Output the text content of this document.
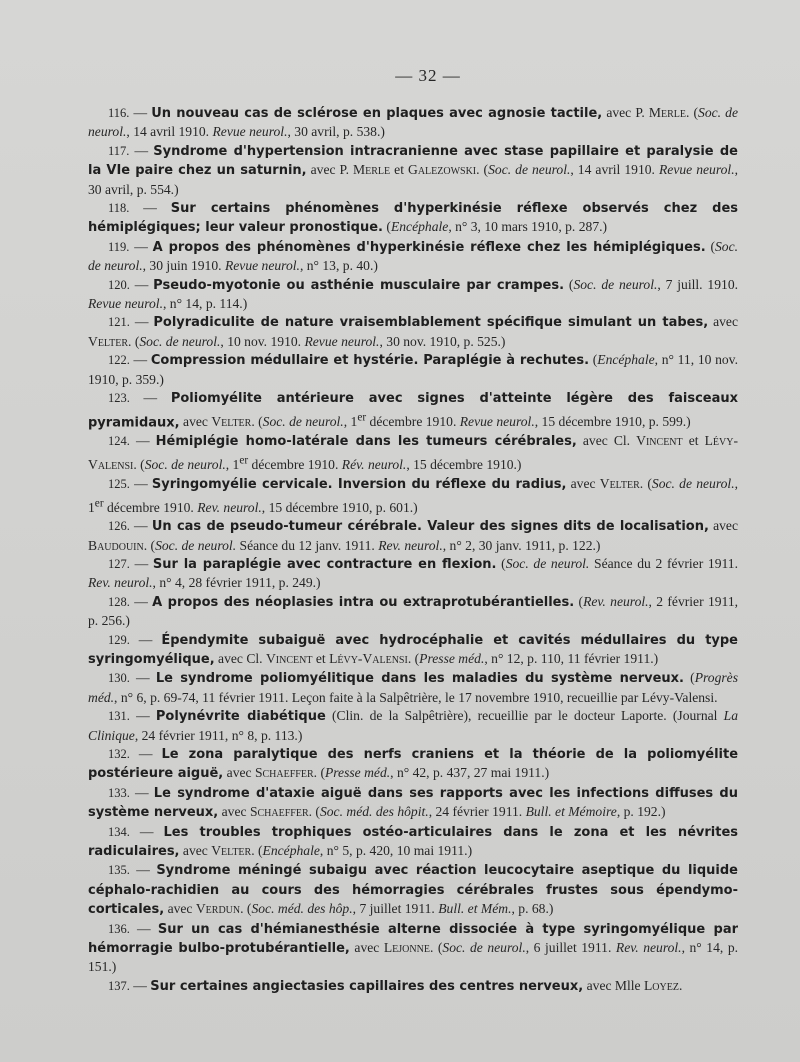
— 32 —

116. — Un nouveau cas de sclérose en plaques avec agnosie tactile, avec P. Merle. (Soc. de neurol., 14 avril 1910. Revue neurol., 30 avril, p. 538.)

117. — Syndrome d'hypertension intracranienne avec stase papillaire et paralysie de la VIe paire chez un saturnin, avec P. Merle et Galezowski. (Soc. de neurol., 14 avril 1910. Revue neurol., 30 avril, p. 554.)

118. — Sur certains phénomènes d'hyperkinésie réflexe observés chez des hémiplégiques; leur valeur pronostique. (Encéphale, n° 3, 10 mars 1910, p. 287.)

119. — A propos des phénomènes d'hyperkinésie réflexe chez les hémiplégiques. (Soc. de neurol., 30 juin 1910. Revue neurol., n° 13, p. 40.)

120. — Pseudo-myotonie ou asthénie musculaire par crampes. (Soc. de neurol., 7 juill. 1910. Revue neurol., n° 14, p. 114.)

121. — Polyradiculite de nature vraisemblablement spécifique simulant un tabes, avec Velter. (Soc. de neurol., 10 nov. 1910. Revue neurol., 30 nov. 1910, p. 525.)

122. — Compression médullaire et hystérie. Paraplégie à rechutes. (Encéphale, n° 11, 10 nov. 1910, p. 359.)

123. — Poliomyélite antérieure avec signes d'atteinte légère des faisceaux pyramidaux, avec Velter. (Soc. de neurol., 1er décembre 1910. Revue neurol., 15 décembre 1910, p. 599.)

124. — Hémiplégie homo-latérale dans les tumeurs cérébrales, avec Cl. Vincent et Lévy-Valensi. (Soc. de neurol., 1er décembre 1910. Rév. neurol., 15 décembre 1910.)

125. — Syringomyélie cervicale. Inversion du réflexe du radius, avec Velter. (Soc. de neurol., 1er décembre 1910. Rev. neurol., 15 décembre 1910, p. 601.)

126. — Un cas de pseudo-tumeur cérébrale. Valeur des signes dits de localisation, avec Baudouin. (Soc. de neurol. Séance du 12 janv. 1911. Rev. neurol., n° 2, 30 janv. 1911, p. 122.)

127. — Sur la paraplégie avec contracture en flexion. (Soc. de neurol. Séance du 2 février 1911. Rev. neurol., n° 4, 28 février 1911, p. 249.)

128. — A propos des néoplasies intra ou extraprotubérantielles. (Rev. neurol., 2 février 1911, p. 256.)

129. — Épendymite subaiguë avec hydrocéphalie et cavités médullaires du type syringomyélique, avec Cl. Vincent et Lévy-Valensi. (Presse méd., n° 12, p. 110, 11 février 1911.)

130. — Le syndrome poliomyélitique dans les maladies du système nerveux. (Progrès méd., n° 6, p. 69-74, 11 février 1911. Leçon faite à la Salpêtrière, le 17 novembre 1910, recueillie par Lévy-Valensi.

131. — Polynévrite diabétique (Clin. de la Salpêtrière), recueillie par le docteur Laporte. (Journal La Clinique, 24 février 1911, n° 8, p. 113.)

132. — Le zona paralytique des nerfs craniens et la théorie de la poliomyélite postérieure aiguë, avec Schaeffer. (Presse méd., n° 42, p. 437, 27 mai 1911.)

133. — Le syndrome d'ataxie aiguë dans ses rapports avec les infections diffuses du système nerveux, avec Schaeffer. (Soc. méd. des hôpit., 24 février 1911. Bull. et Mémoire, p. 192.)

134. — Les troubles trophiques ostéo-articulaires dans le zona et les névrites radiculaires, avec Velter. (Encéphale, n° 5, p. 420, 10 mai 1911.)

135. — Syndrome méningé subaigu avec réaction leucocytaire aseptique du liquide céphalo-rachidien au cours des hémorragies cérébrales frustes sous épendymo-corticales, avec Verdun. (Soc. méd. des hôp., 7 juillet 1911. Bull. et Mém., p. 68.)

136. — Sur un cas d'hémianesthésie alterne dissociée à type syringomyélique par hémorragie bulbo-protubérantielle, avec Lejonne. (Soc. de neurol., 6 juillet 1911. Rev. neurol., n° 14, p. 151.)

137. — Sur certaines angiectasies capillaires des centres nerveux, avec Mlle Loyez.
